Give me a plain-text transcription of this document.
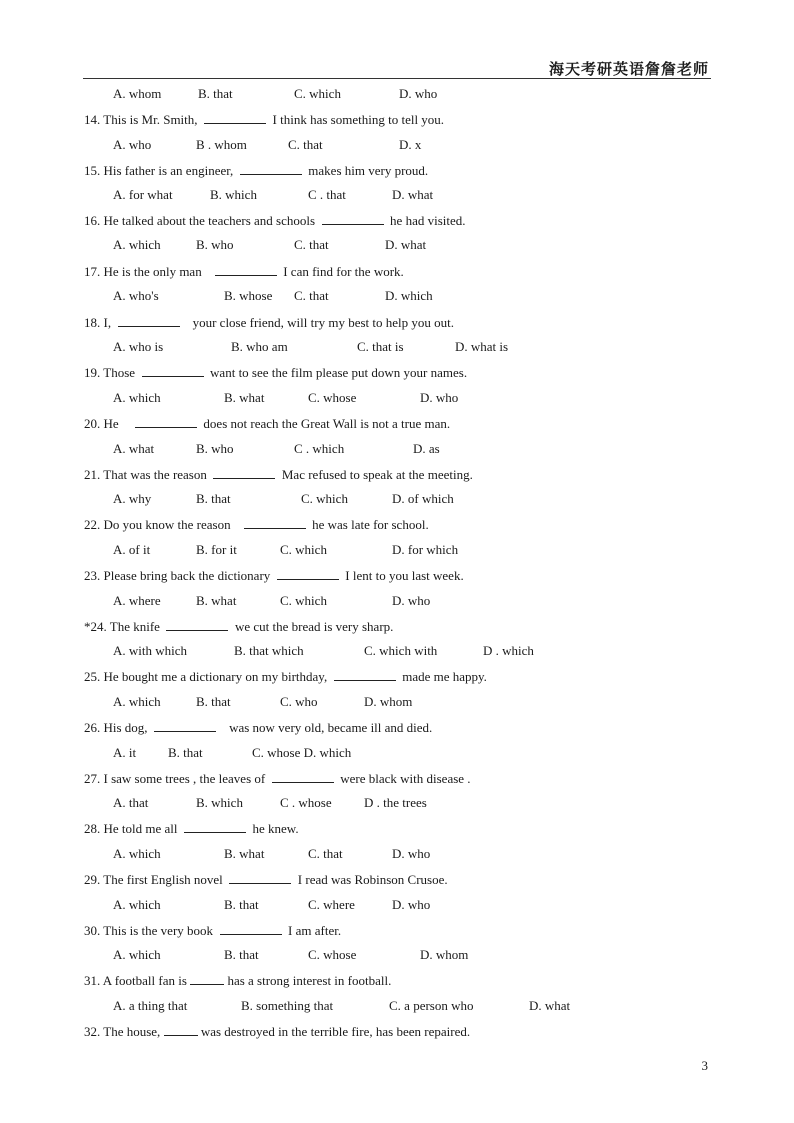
海天考研英语詹詹老师
A. whom	B. that	C. which	D. who
14. This is Mr. Smith,	I think has something to tell you.
A. who	B . whom	C. that	D. x
15. His father is an engineer,	makes him very proud.
A. for what	B. which	C . that	D. what
16. He talked about the teachers and schools	he had visited.
A. which	B. who	C. that	D. what
17. He is the only man	I can find for the work.
A. who's	B. whose C. that	D. which
18. I,	your close friend, will try my best to help you out.
A. who is	B. who am	C. that is	D. what is
19. Those	want to see the film please put down your names.
A. which	B. what	C. whose	D. who
20. He	does not reach the Great Wall is not a true man.
A. what	B. who	C . which	D. as
21. That was the reason	Mac refused to speak at the meeting.
A. why	B. that	C. which	D. of which
22. Do you know the reason	he was late for school.
A. of it	B. for it	C. which	D. for which
23. Please bring back the dictionary	I lent to you last week.
A. where	B. what	C. which	D. who
*24. The knife	we cut the bread is very sharp.
A. with which	B. that which	C. which with	D . which
25. He bought me a dictionary on my birthday,	made me happy.
A. which	B. that	C. who	D. whom
26. His dog,	was now very old, became ill and died.
A. it B. that	C. whose D. which
27. I saw some trees , the leaves of	were black with disease .
A. that	B. which	C . whose D . the trees
28. He told me all	he knew.
A. which	B. what	C. that	D. who
29. The first English novel	I read was Robinson Crusoe.
A. which	B. that	C. where	D. who
30. This is the very book	I am after.
A. which	B. that	C. whose	D. whom
31. A football fan is	has a strong interest in football.
A. a thing that	B. something that	C. a person who	D. what
32. The house,	was destroyed in the terrible fire, has been repaired.
3
